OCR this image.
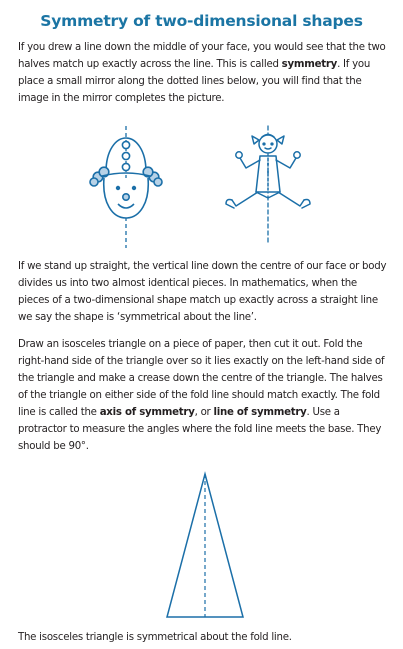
Symmetry of two-dimensional shapes
If you drew a line down the middle of your face, you would see that the two halves match up exactly across the line. This is called symmetry. If you place a small mirror along the dotted lines below, you will find that the image in the mirror completes the picture.
If we stand up straight, the vertical line down the centre of our face or body divides us into two almost identical pieces. In mathematics, when the pieces of a two-dimensional shape match up exactly across a straight line we say the shape is ‘symmetrical about the line’.
Draw an isosceles triangle on a piece of paper, then cut it out. Fold the right-hand side of the triangle over so it lies exactly on the left-hand side of the triangle and make a crease down the centre of the triangle. The halves of the triangle on either side of the fold line should match exactly. The fold line is called the axis of symmetry, or line of symmetry. Use a protractor to measure the angles where the fold line meets the base. They should be 90°.
The isosceles triangle is symmetrical about the fold line.
